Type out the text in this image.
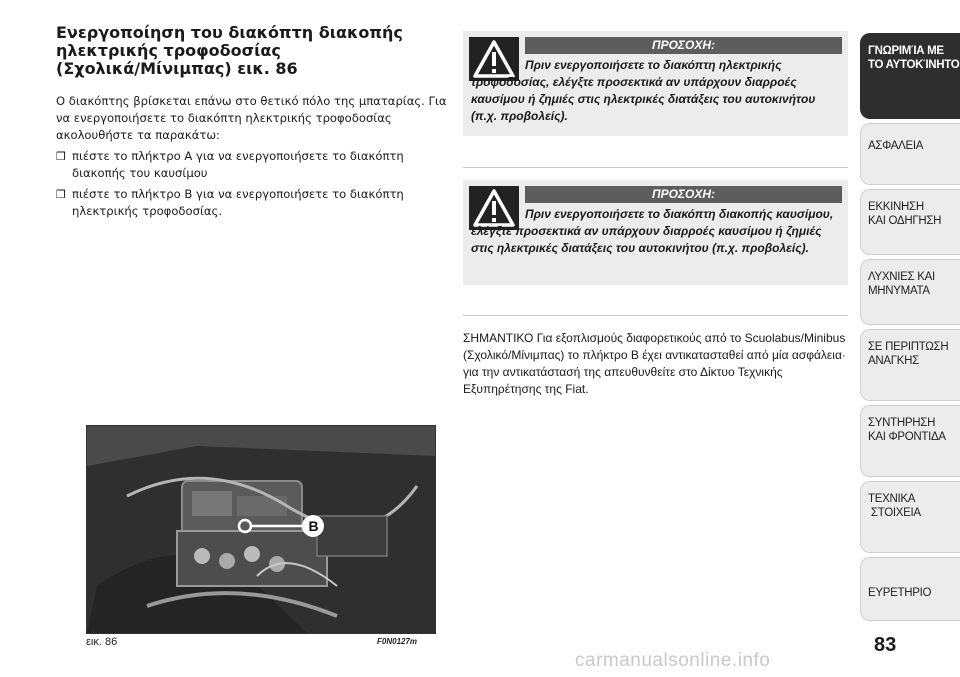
Ενεργοποίηση του διακόπτη διακοπής
ηλεκτρικής τροφοδοσίας
(Σχολικά/Μίνιμπας) εικ. 86

Ο διακόπτης βρίσκεται επάνω στο θετικό πόλο της μπαταρίας. Για να ενεργοποιήσετε το διακόπτη ηλεκτρικής τροφοδοσίας ακολουθήστε τα παρακάτω:

❒ πιέστε το πλήκτρο A για να ενεργοποιήσετε το διακόπτη διακοπής του καυσίμου
❒ πιέστε το πλήκτρο B για να ενεργοποιήσετε το διακόπτη ηλεκτρικής τροφοδοσίας.
ΠΡΟΣΟΧΗ:
Πριν ενεργοποιήσετε το διακόπτη ηλεκτρικής τροφοδοσίας, ελέγξτε προσεκτικά αν υπάρχουν διαρροές καυσίμου ή ζημιές στις ηλεκτρικές διατάξεις του αυτοκινήτου (π.χ. προβολείς).
ΠΡΟΣΟΧΗ:
Πριν ενεργοποιήσετε το διακόπτη διακοπής καυσίμου, ελέγξτε προσεκτικά αν υπάρχουν διαρροές καυσίμου ή ζημιές στις ηλεκτρικές διατάξεις του αυτοκινήτου (π.χ. προβολείς).
ΣΗΜΑΝΤΙΚΟ Για εξοπλισμούς διαφορετικούς από το Scuolabus/Minibus (Σχολικό/Μίνιμπας) το πλήκτρο B έχει αντικατασταθεί από μία ασφάλεια· για την αντικατάστασή της απευθυνθείτε στο Δίκτυο Τεχνικής Εξυπηρέτησης της Fiat.
B
εικ. 86	F0N0127m
ΓΝΩΡΙΜΊΑ ΜΕ
ΤΟ ΑΥΤΟΚΊΝΗΤΟ
ΑΣΦΑΛΕΙΑ
ΕΚΚΙΝΗΣΗ
ΚΑΙ ΟΔΗΓΗΣΗ
ΛΥΧΝΙΕΣ ΚΑΙ
ΜΗΝΥΜΑΤΑ
ΣΕ ΠΕΡΙΠΤΩΣΗ
ΑΝΑΓΚΗΣ
ΣΥΝΤΗΡΗΣΗ
ΚΑΙ ΦΡΟΝΤΙΔΑ
ΤΕΧΝΙΚΑ
ΣΤΟΙΧΕΙΑ
ΕΥΡΕΤΗΡΙΟ
83
carmanualsonline.info
